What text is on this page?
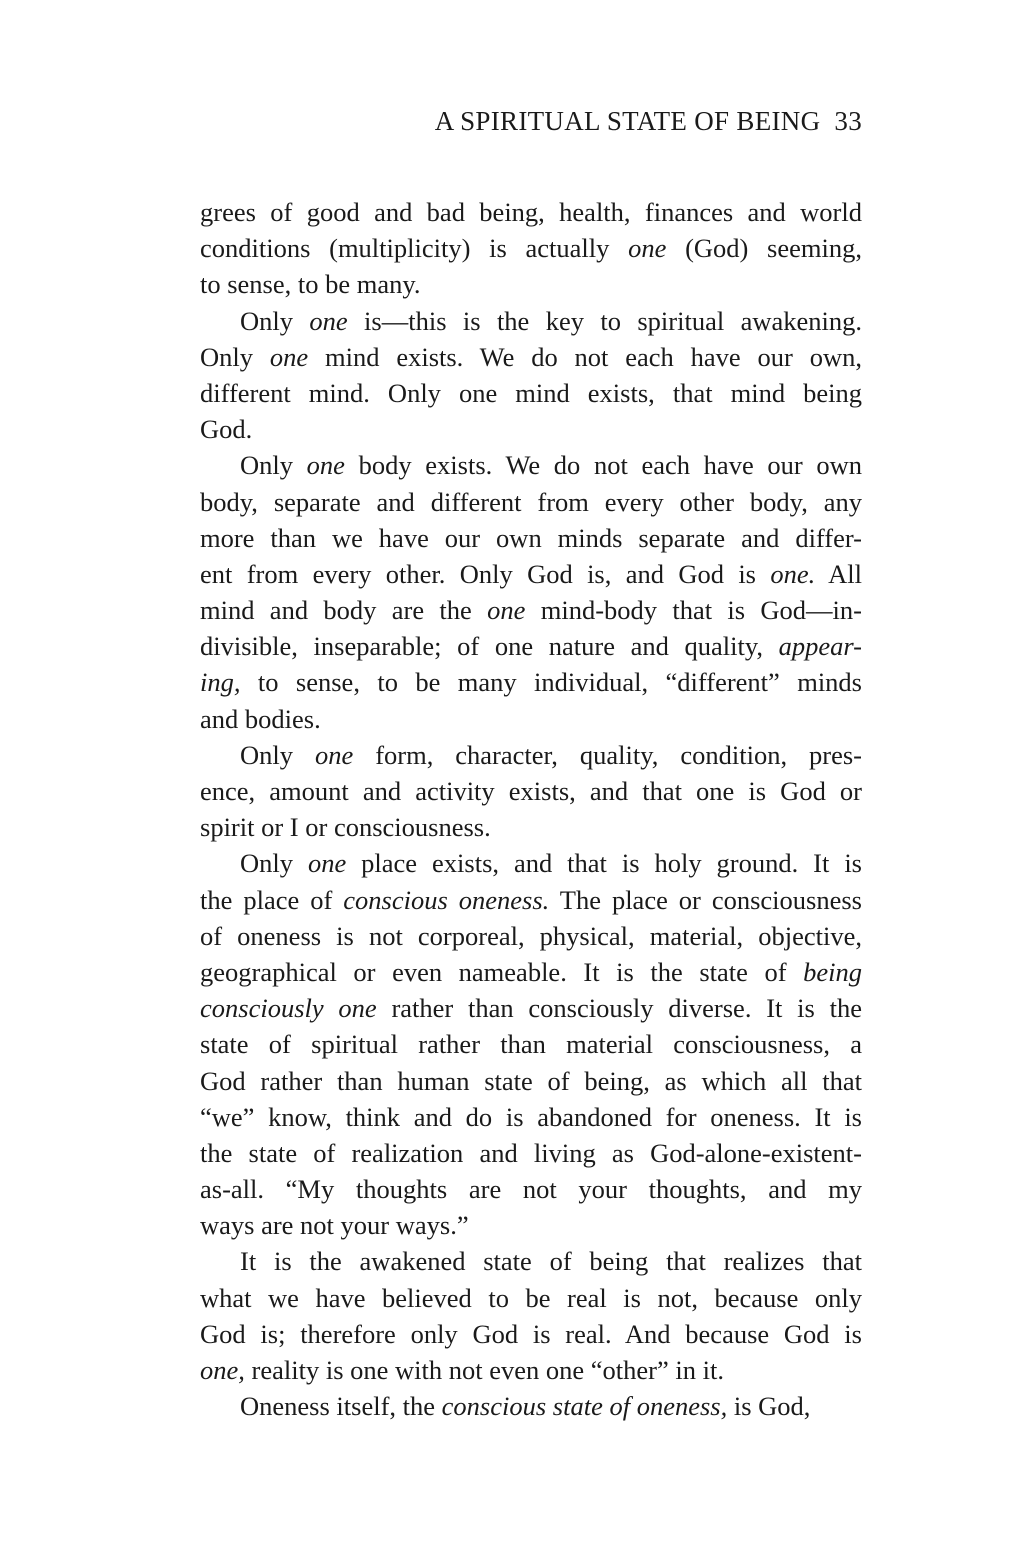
A SPIRITUAL STATE OF BEING 33
grees of good and bad being, health, finances and world
conditions (multiplicity) is actually one (God) seeming,
to sense, to be many.
Only one is—this is the key to spiritual awakening.
Only one mind exists. We do not each have our own,
different mind. Only one mind exists, that mind being
God.
Only one body exists. We do not each have our own
body, separate and different from every other body, any
more than we have our own minds separate and differ-
ent from every other. Only God is, and God is one. All
mind and body are the one mind-body that is God—in-
divisible, inseparable; of one nature and quality, appear-
ing, to sense, to be many individual, “different” minds
and bodies.
Only one form, character, quality, condition, pres-
ence, amount and activity exists, and that one is God or
spirit or I or consciousness.
Only one place exists, and that is holy ground. It is
the place of conscious oneness. The place or consciousness
of oneness is not corporeal, physical, material, objective,
geographical or even nameable. It is the state of being
consciously one rather than consciously diverse. It is the
state of spiritual rather than material consciousness, a
God rather than human state of being, as which all that
“we” know, think and do is abandoned for oneness. It is
the state of realization and living as God-alone-existent-
as-all. “My thoughts are not your thoughts, and my
ways are not your ways.”
It is the awakened state of being that realizes that
what we have believed to be real is not, because only
God is; therefore only God is real. And because God is
one, reality is one with not even one “other” in it.
Oneness itself, the conscious state of oneness, is God,
